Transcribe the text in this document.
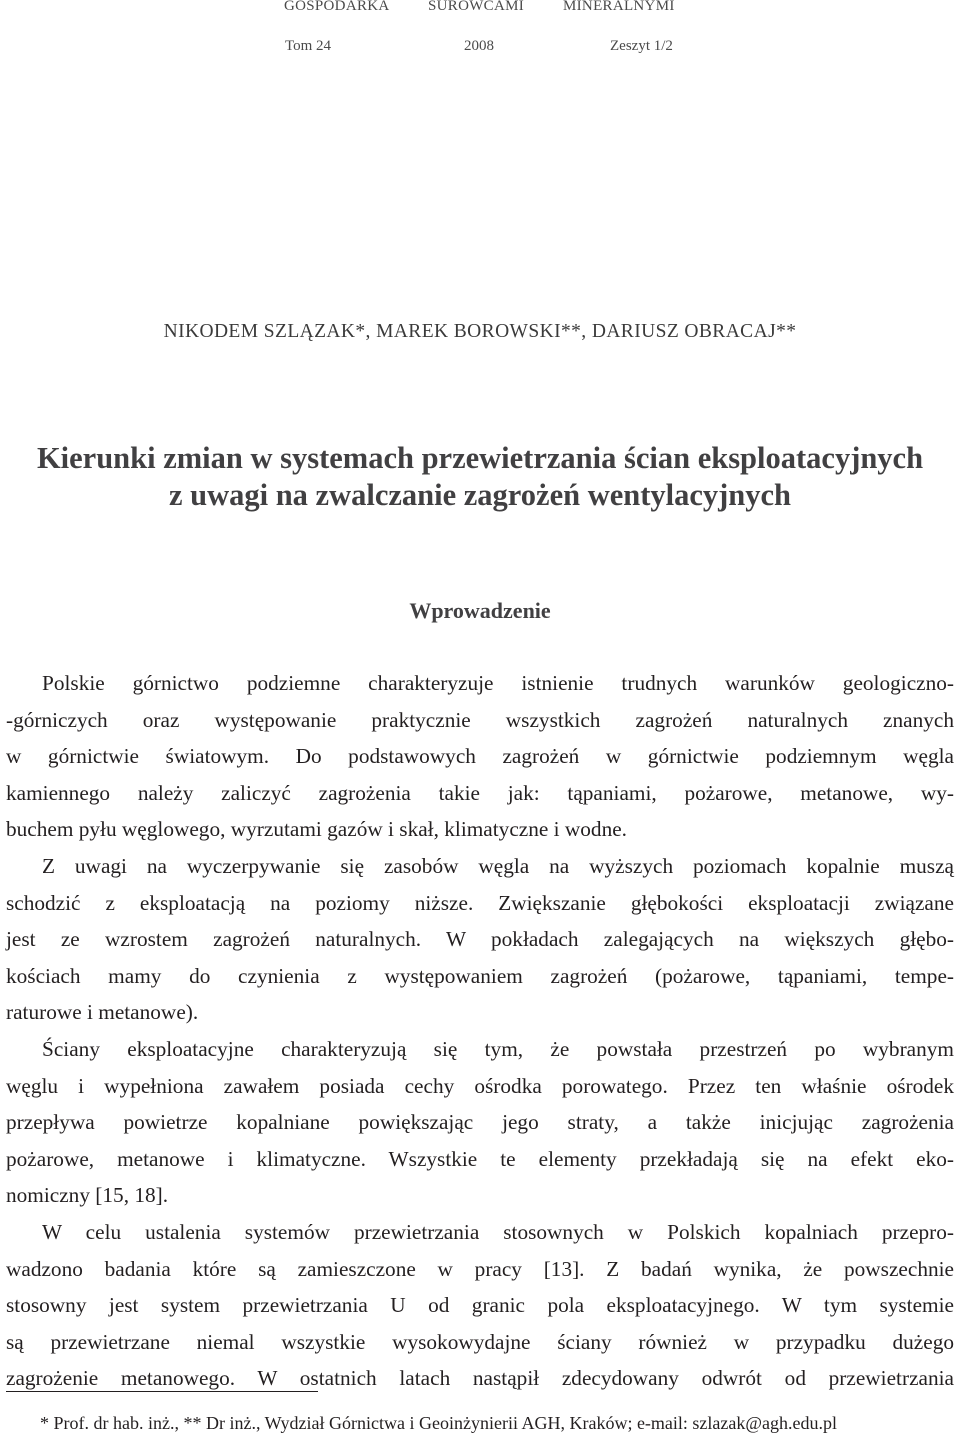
GOSPODARKA	SUROWCAMI	MINERALNYMI
Tom 24	2008	Zeszyt 1/2
NIKODEM SZLĄZAK*, MAREK BOROWSKI**, DARIUSZ OBRACAJ**
Kierunki zmian w systemach przewietrzania ścian eksploatacyjnych
z uwagi na zwalczanie zagrożeń wentylacyjnych
Wprowadzenie
Polskie górnictwo podziemne charakteryzuje istnienie trudnych warunków geologiczno-
-górniczych oraz występowanie praktycznie wszystkich zagrożeń naturalnych znanych
w górnictwie światowym. Do podstawowych zagrożeń w górnictwie podziemnym węgla
kamiennego należy zaliczyć zagrożenia takie jak: tąpaniami, pożarowe, metanowe, wy-
buchem pyłu węglowego, wyrzutami gazów i skał, klimatyczne i wodne.
Z uwagi na wyczerpywanie się zasobów węgla na wyższych poziomach kopalnie muszą
schodzić z eksploatacją na poziomy niższe. Zwiększanie głębokości eksploatacji związane
jest ze wzrostem zagrożeń naturalnych. W pokładach zalegających na większych głębo-
kościach mamy do czynienia z występowaniem zagrożeń (pożarowe, tąpaniami, tempe-
raturowe i metanowe).
Ściany eksploatacyjne charakteryzują się tym, że powstała przestrzeń po wybranym
węglu i wypełniona zawałem posiada cechy ośrodka porowatego. Przez ten właśnie ośrodek
przepływa powietrze kopalniane powiększając jego straty, a także inicjując zagrożenia
pożarowe, metanowe i klimatyczne. Wszystkie te elementy przekładają się na efekt eko-
nomiczny [15, 18].
W celu ustalenia systemów przewietrzania stosownych w Polskich kopalniach przepro-
wadzono badania które są zamieszczone w pracy [13]. Z badań wynika, że powszechnie
stosowny jest system przewietrzania U od granic pola eksploatacyjnego. W tym systemie
są przewietrzane niemal wszystkie wysokowydajne ściany również w przypadku dużego
zagrożenie metanowego. W ostatnich latach nastąpił zdecydowany odwrót od przewietrzania
* Prof. dr hab. inż., ** Dr inż., Wydział Górnictwa i Geoinżynierii AGH, Kraków; e-mail: szlazak@agh.edu.pl
